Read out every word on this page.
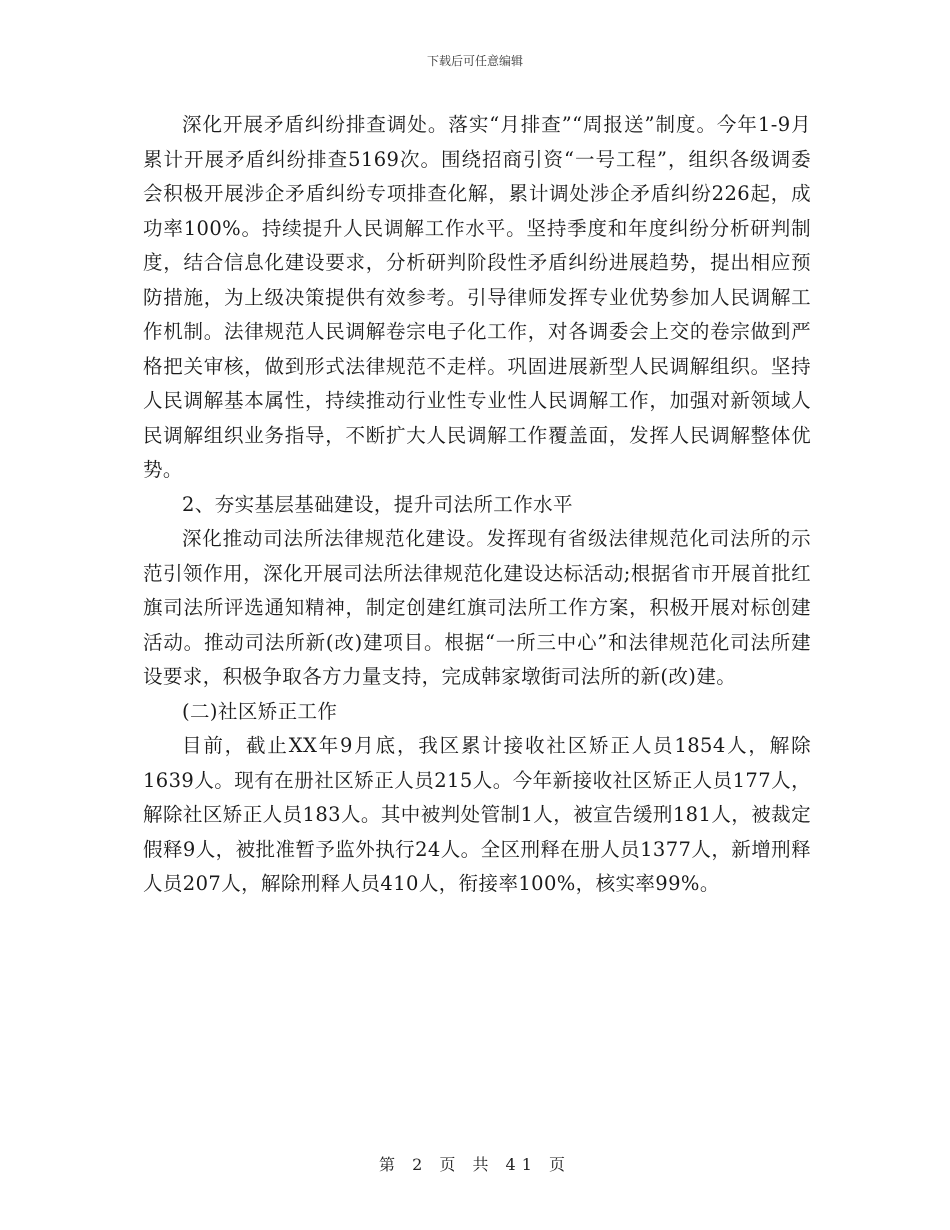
下载后可任意编辑

深化开展矛盾纠纷排查调处。落实“月排查”“周报送”制度。今年1-9月累计开展矛盾纠纷排查5169次。围绕招商引资“一号工程”，组织各级调委会积极开展涉企矛盾纠纷专项排查化解，累计调处涉企矛盾纠纷226起，成功率100%。持续提升人民调解工作水平。坚持季度和年度纠纷分析研判制度，结合信息化建设要求，分析研判阶段性矛盾纠纷进展趋势，提出相应预防措施，为上级决策提供有效参考。引导律师发挥专业优势参加人民调解工作机制。法律规范人民调解卷宗电子化工作，对各调委会上交的卷宗做到严格把关审核，做到形式法律规范不走样。巩固进展新型人民调解组织。坚持人民调解基本属性，持续推动行业性专业性人民调解工作，加强对新领域人民调解组织业务指导，不断扩大人民调解工作覆盖面，发挥人民调解整体优势。

2、夯实基层基础建设，提升司法所工作水平

深化推动司法所法律规范化建设。发挥现有省级法律规范化司法所的示范引领作用，深化开展司法所法律规范化建设达标活动;根据省市开展首批红旗司法所评选通知精神，制定创建红旗司法所工作方案，积极开展对标创建活动。推动司法所新(改)建项目。根据“一所三中心”和法律规范化司法所建设要求，积极争取各方力量支持，完成韩家墩街司法所的新(改)建。

(二)社区矫正工作

目前，截止XX年9月底，我区累计接收社区矫正人员1854人，解除1639人。现有在册社区矫正人员215人。今年新接收社区矫正人员177人，解除社区矫正人员183人。其中被判处管制1人，被宣告缓刑181人，被裁定假释9人，被批准暂予监外执行24人。全区刑释在册人员1377人，新增刑释人员207人，解除刑释人员410人，衔接率100%，核实率99%。

第 2 页 共 41 页
